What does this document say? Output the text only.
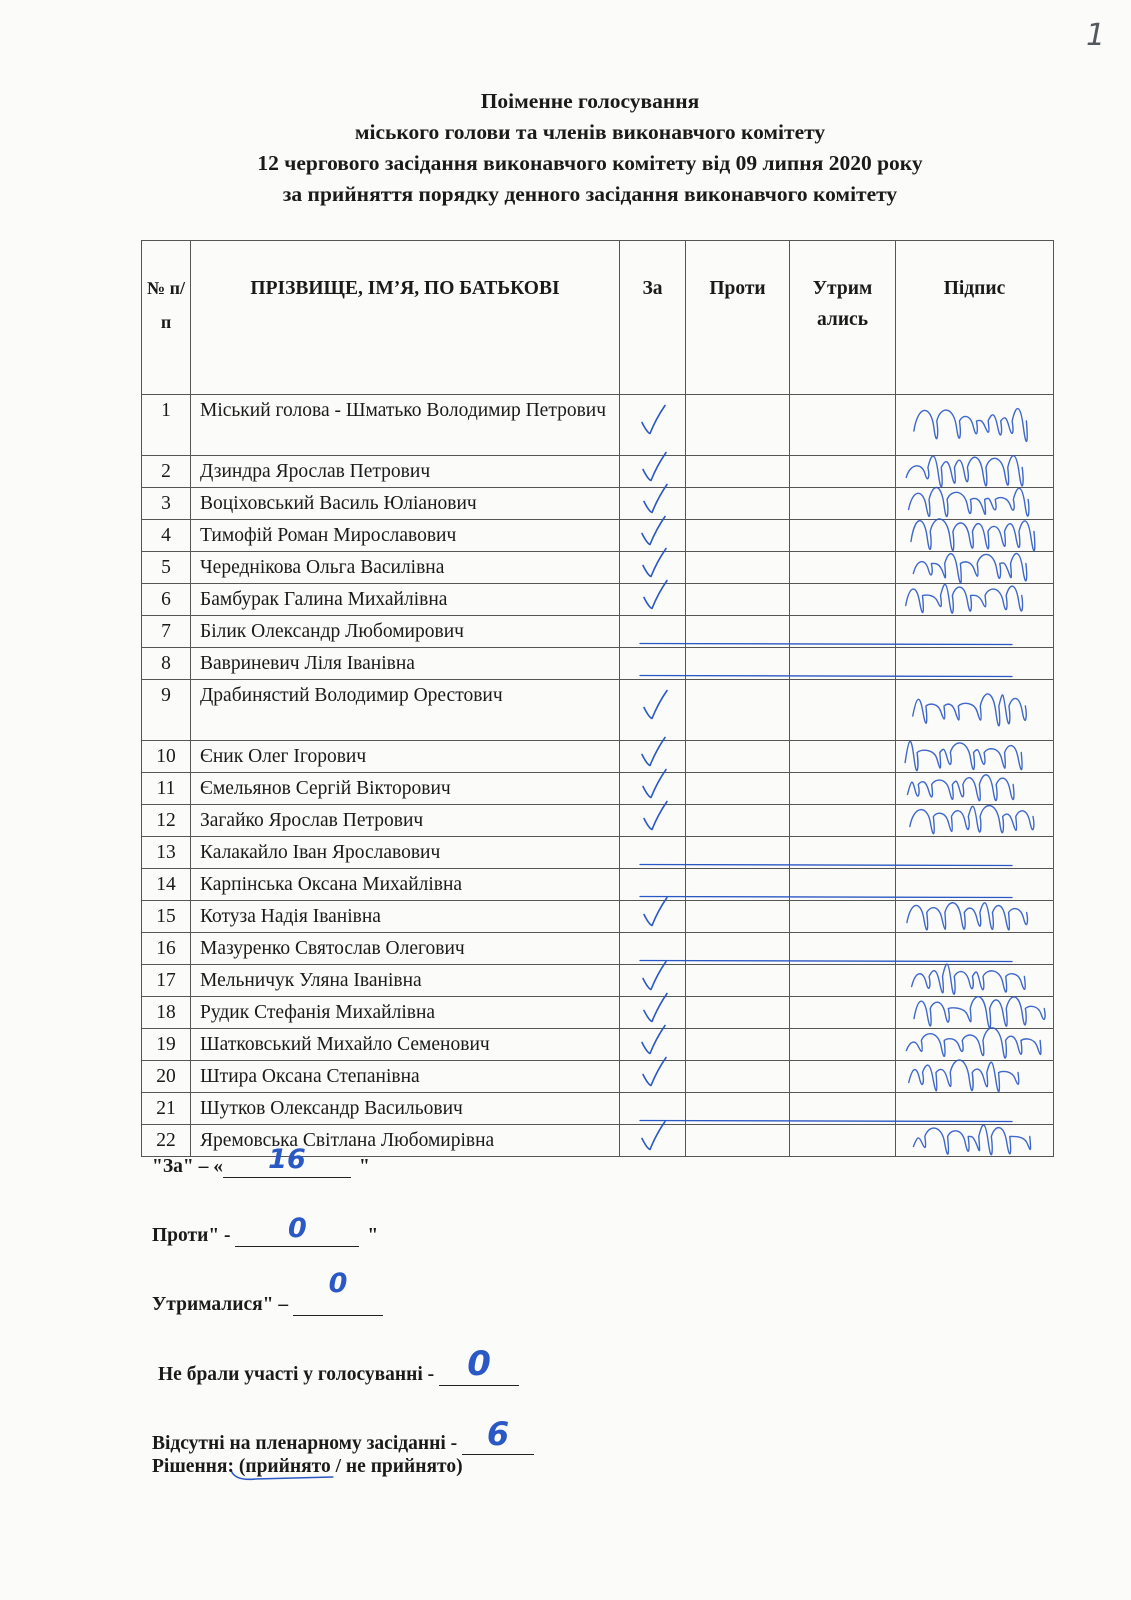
1
Поіменне голосування
міського голови та членів виконавчого комітету
12 чергового засідання виконавчого комітету від 09 липня 2020 року
за прийняття порядку денного засідання виконавчого комітету
№ п/п	ПРІЗВИЩЕ, ІМ’Я, ПО БАТЬКОВІ	За	Проти	Утрим ались	Підпис
1	Міський голова - Шматько Володимир Петрович				
2	Дзиндра Ярослав Петрович				
3	Воціховський Василь Юліанович				
4	Тимофій Роман Мирославович				
5	Череднікова Ольга Василівна				
6	Бамбурак Галина Михайлівна				
7	Білик Олександр Любомирович				
8	Вавриневич Ліля Іванівна				
9	Драбинястий Володимир Орестович				
10	Єник Олег Ігорович				
11	Ємельянов Сергій Вікторович				
12	Загайко Ярослав Петрович				
13	Калакайло Іван Ярославович				
14	Карпінська Оксана Михайлівна				
15	Котуза Надія Іванівна				
16	Мазуренко Святослав Олегович				
17	Мельничук Уляна Іванівна				
18	Рудик Стефанія Михайлівна				
19	Шатковський Михайло Семенович				
20	Штира Оксана Степанівна				
21	Шутков Олександр Васильович				
22	Яремовська Світлана Любомирівна				
"За" – «	16	"
Проти" -	0	"
Утрималися" –
0
Не брали участі у голосуванні - 0
Відсутні на пленарному засіданні - 6
Рішення: (прийнято / не прийнято)
